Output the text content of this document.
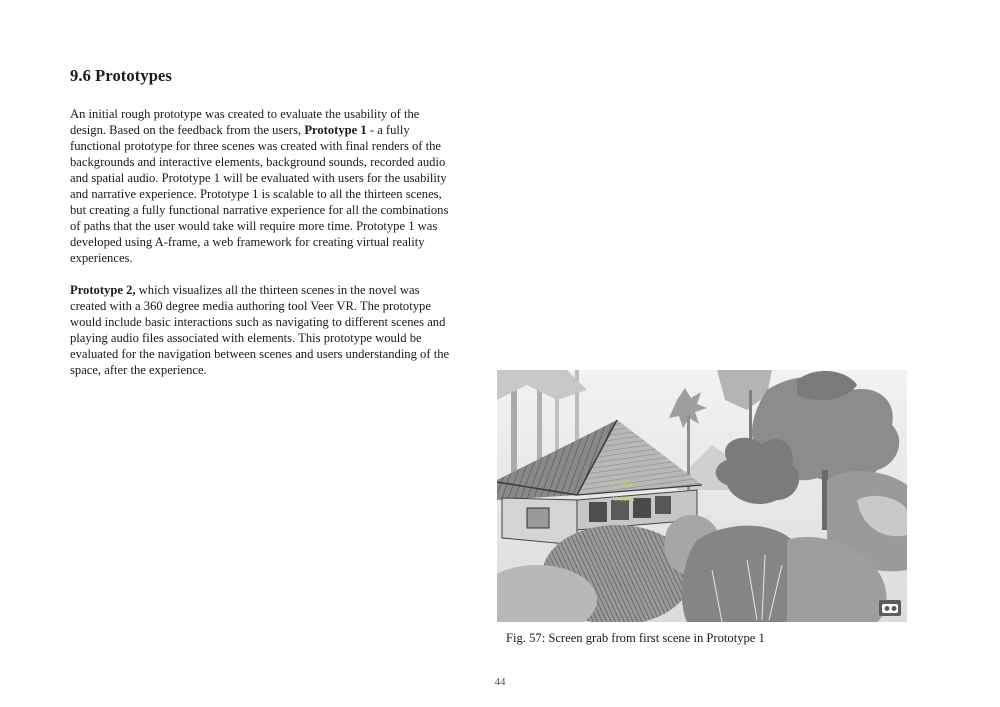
9.6 Prototypes

An initial rough prototype was created to evaluate the usability of the
design. Based on the feedback from the users, Prototype 1 - a fully
functional prototype for three scenes was created with final renders of the
backgrounds and interactive elements, background sounds, recorded audio
and spatial audio. Prototype 1 will be evaluated with users for the usability
and narrative experience. Prototype 1 is scalable to all the thirteen scenes,
but creating a fully functional narrative experience for all the combinations
of paths that the user would take will require more time. Prototype 1 was
developed using A-frame, a web framework for creating virtual reality
experiences.

Prototype 2, which visualizes all the thirteen scenes in the novel was
created with a 360 degree media authoring tool Veer VR. The prototype
would include basic interactions such as navigating to different scenes and
playing audio files associated with elements. This prototype would be
evaluated for the navigation between scenes and users understanding of the
space, after the experience.

X: 358.17
Y: 39.01
Fig. 57: Screen grab from first scene in Prototype 1
44
